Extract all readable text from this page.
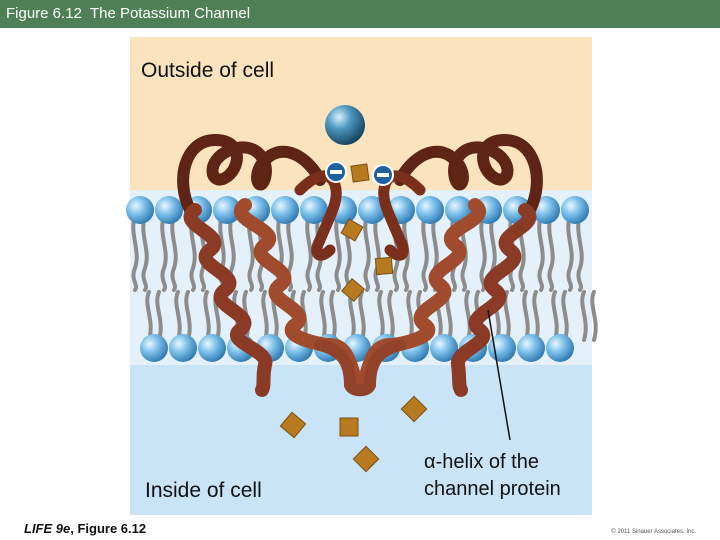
Figure 6.12  The Potassium Channel
Outside of cell
Inside of cell
α-helix of the
channel protein
LIFE 9e, Figure 6.12	© 2011 Sinauer Associates, Inc.
